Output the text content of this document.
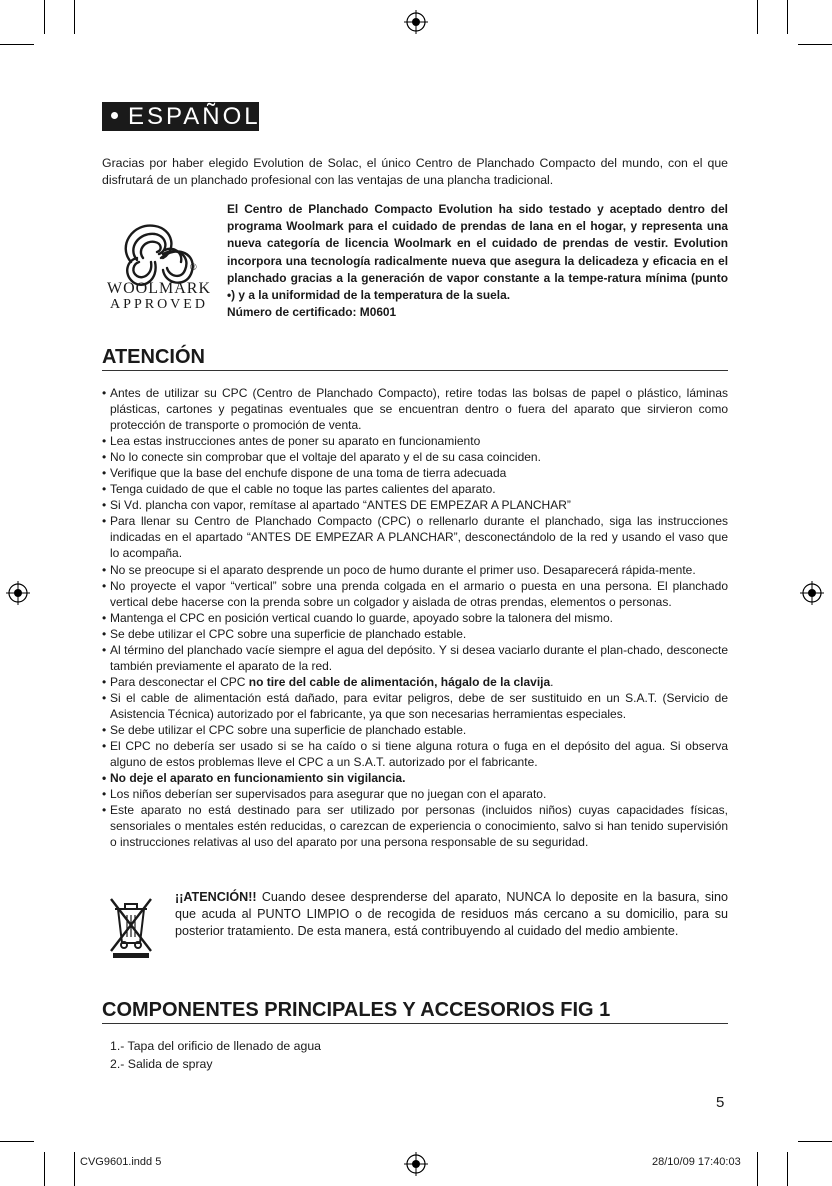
ESPAÑOL
Gracias por haber elegido Evolution de Solac, el único Centro de Planchado Compacto del mundo, con el que disfrutará de un planchado profesional con las ventajas de una plancha tradicional.
®
WOOLMARK
APPROVED
El Centro de Planchado Compacto Evolution ha sido testado y aceptado dentro del programa Woolmark para el cuidado de prendas de lana en el hogar, y representa una nueva categoría de licencia Woolmark en el cuidado de prendas de vestir. Evolution incorpora una tecnología radicalmente nueva que asegura la delicadeza y eficacia en el planchado gracias a la generación de vapor constante a la tempe-ratura mínima (punto •) y a la uniformidad de la temperatura de la suela.
Número de certificado: M0601
ATENCIÓN
• Antes de utilizar su CPC (Centro de Planchado Compacto), retire todas las bolsas de papel o plástico, láminas plásticas, cartones y pegatinas eventuales que se encuentran dentro o fuera del aparato que sirvieron como protección de transporte o promoción de venta.
• Lea estas instrucciones antes de poner su aparato en funcionamiento
• No lo conecte sin comprobar que el voltaje del aparato y el de su casa coinciden.
• Verifique que la base del enchufe dispone de una toma de tierra adecuada
• Tenga cuidado de que el cable no toque las partes calientes del aparato.
• Si Vd. plancha con vapor, remítase al apartado “ANTES DE EMPEZAR A PLANCHAR”
• Para llenar su Centro de Planchado Compacto (CPC) o rellenarlo durante el planchado, siga las instrucciones indicadas en el apartado “ANTES DE EMPEZAR A PLANCHAR”, desconectándolo de la red y usando el vaso que lo acompaña.
• No se preocupe si el aparato desprende un poco de humo durante el primer uso. Desaparecerá rápida-mente.
• No proyecte el vapor “vertical” sobre una prenda colgada en el armario o puesta en una persona. El planchado vertical debe hacerse con la prenda sobre un colgador y aislada de otras prendas, elementos o personas.
• Mantenga el CPC en posición vertical cuando lo guarde, apoyado sobre la talonera del mismo.
• Se debe utilizar el CPC sobre una superficie de planchado estable.
• Al término del planchado vacíe siempre el agua del depósito. Y si desea vaciarlo durante el plan-chado, desconecte también previamente el aparato de la red.
• Para desconectar el CPC no tire del cable de alimentación, hágalo de la clavija.
• Si el cable de alimentación está dañado, para evitar peligros, debe de ser sustituido en un S.A.T. (Servicio de Asistencia Técnica) autorizado por el fabricante, ya que son necesarias herramientas especiales.
• Se debe utilizar el CPC sobre una superficie de planchado estable.
• El CPC no debería ser usado si se ha caído o si tiene alguna rotura o fuga en el depósito del agua. Si observa alguno de estos problemas lleve el CPC a un S.A.T. autorizado por el fabricante.
• No deje el aparato en funcionamiento sin vigilancia.
• Los niños deberían ser supervisados para asegurar que no juegan con el aparato.
• Este aparato no está destinado para ser utilizado por personas (incluidos niños) cuyas capacidades físicas, sensoriales o mentales estén reducidas, o carezcan de experiencia o conocimiento, salvo si han tenido supervisión o instrucciones relativas al uso del aparato por una persona responsable de su seguridad.
¡¡ATENCIÓN!! Cuando desee desprenderse del aparato, NUNCA lo deposite en la basura, sino que acuda al PUNTO LIMPIO o de recogida de residuos más cercano a su domicilio, para su posterior tratamiento. De esta manera, está contribuyendo al cuidado del medio ambiente.
COMPONENTES PRINCIPALES Y ACCESORIOS FIG 1
1.- Tapa del orificio de llenado de agua
2.- Salida de spray
5
CVG9601.indd 5	28/10/09 17:40:03
